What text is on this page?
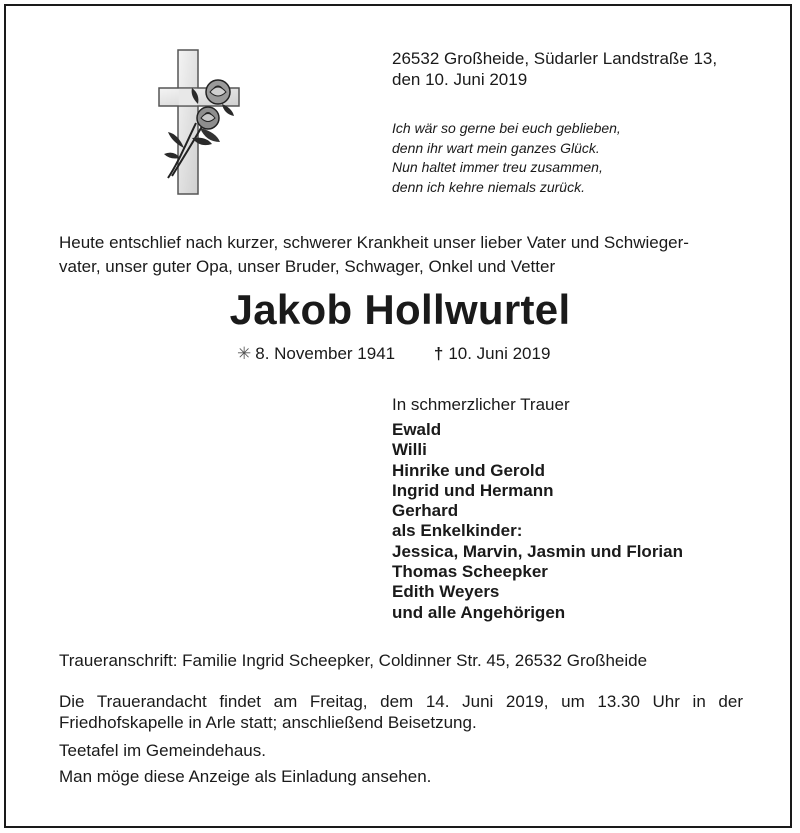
26532 Großheide, Südarler Landstraße 13,
den 10. Juni 2019
Ich wär so gerne bei euch geblieben,
denn ihr wart mein ganzes Glück.
Nun haltet immer treu zusammen,
denn ich kehre niemals zurück.
Heute entschlief nach kurzer, schwerer Krankheit unser lieber Vater und Schwieger-
vater, unser guter Opa, unser Bruder, Schwager, Onkel und Vetter
Jakob Hollwurtel
✳ 8. November 1941 † 10. Juni 2019
In schmerzlicher Trauer
Ewald
Willi
Hinrike und Gerold
Ingrid und Hermann
Gerhard
als Enkelkinder:
Jessica, Marvin, Jasmin und Florian
Thomas Scheepker
Edith Weyers
und alle Angehörigen
Traueranschrift: Familie Ingrid Scheepker, Coldinner Str. 45, 26532 Großheide
Die Trauerandacht findet am Freitag, dem 14. Juni 2019, um 13.30 Uhr in der Friedhofskapelle in Arle statt; anschließend Beisetzung.
Teetafel im Gemeindehaus.
Man möge diese Anzeige als Einladung ansehen.
